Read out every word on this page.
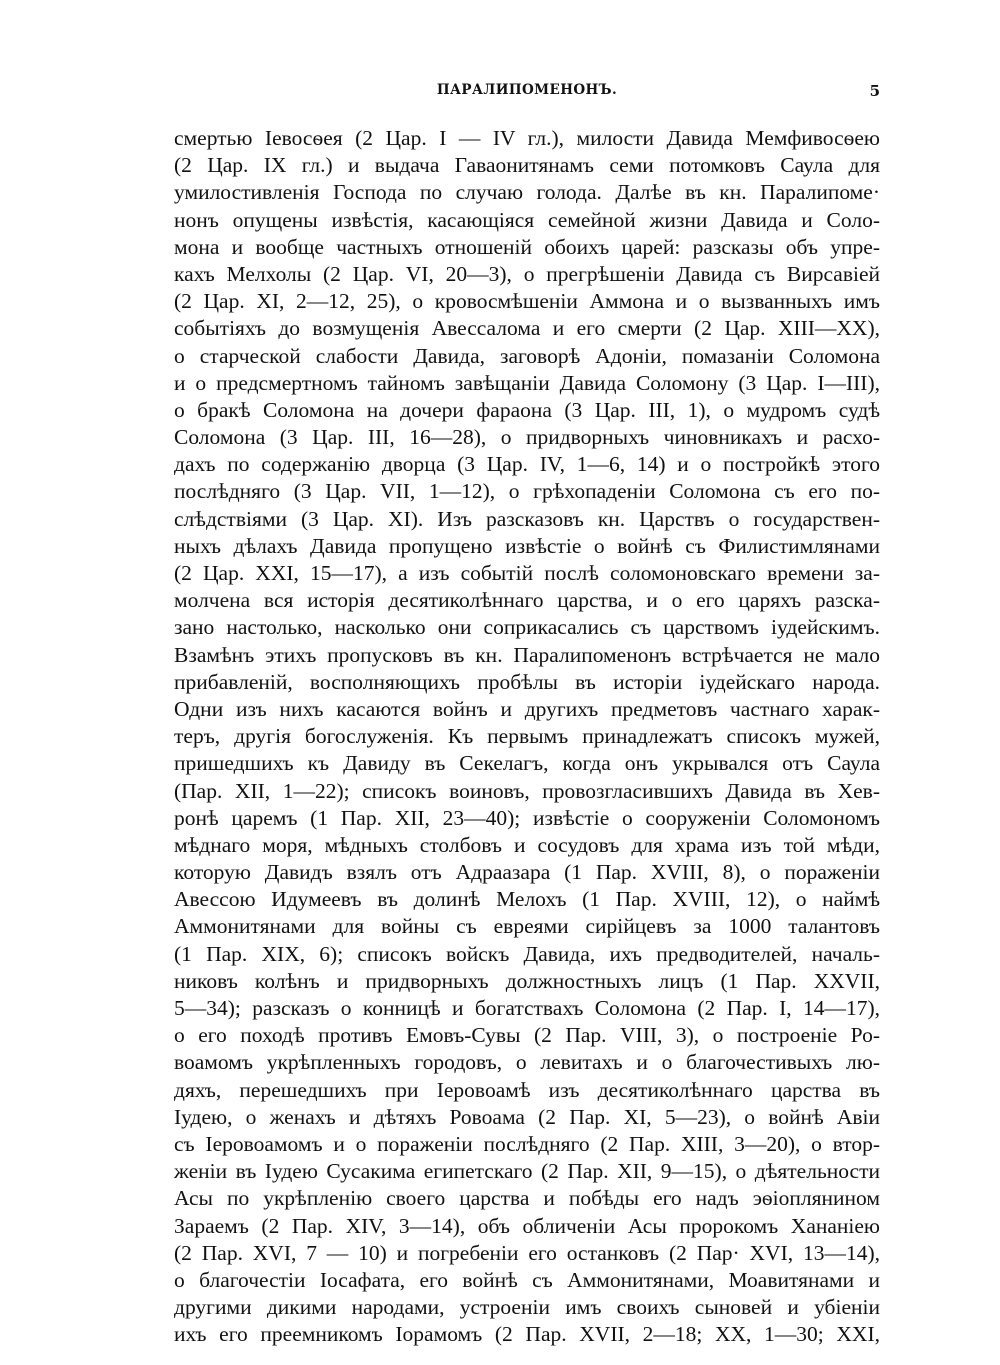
ПАРАЛИПОМЕНОНЪ.	5
смертью Іевосѳея (2 Цар. I — IV гл.), милости Давида Мемфивосѳею
(2 Цар. IX гл.) и выдача Гаваонитянамъ семи потомковъ Саула для
умилостивленія Господа по случаю голода. Далѣе въ кн. Паралипоме·
нонъ опущены извѣстія, касающіяся семейной жизни Давида и Соло-
мона и вообще частныхъ отношеній обоихъ царей: разсказы объ упре-
кахъ Мелхолы (2 Цар. VI, 20—3), о прегрѣшеніи Давида съ Вирсавіей
(2 Цар. XI, 2—12, 25), о кровосмѣшеніи Аммона и о вызванныхъ имъ
событіяхъ до возмущенія Авессалома и его смерти (2 Цар. XIII—XX),
о старческой слабости Давида, заговорѣ Адоніи, помазаніи Соломона
и о предсмертномъ тайномъ завѣщаніи Давида Соломону (3 Цар. I—III),
о бракѣ Соломона на дочери фараона (3 Цар. III, 1), о мудромъ судѣ
Соломона (3 Цар. III, 16—28), о придворныхъ чиновникахъ и расхо-
дахъ по содержанію дворца (3 Цар. IV, 1—6, 14) и о постройкѣ этого
послѣдняго (3 Цар. VII, 1—12), о грѣхопаденіи Соломона съ его по-
слѣдствіями (3 Цар. XI). Изъ разсказовъ кн. Царствъ о государствен-
ныхъ дѣлахъ Давида пропущено извѣстіе о войнѣ съ Филистимлянами
(2 Цар. XXI, 15—17), а изъ событій послѣ соломоновскаго времени за-
молчена вся исторія десятиколѣннаго царства, и о его царяхъ разска-
зано настолько, насколько они соприкасались съ царствомъ іудейскимъ.
Взамѣнъ этихъ пропусковъ въ кн. Паралипоменонъ встрѣчается не мало
прибавленій, восполняющихъ пробѣлы въ исторіи іудейскаго народа.
Одни изъ нихъ касаются войнъ и другихъ предметовъ частнаго харак-
теръ, другія богослуженія. Къ первымъ принадлежатъ списокъ мужей,
пришедшихъ къ Давиду въ Секелагъ, когда онъ укрывался отъ Саула
(Пар. XII, 1—22); списокъ воиновъ, провозгласившихъ Давида въ Хев-
ронѣ царемъ (1 Пар. XII, 23—40); извѣстіе о сооруженіи Соломономъ
мѣднаго моря, мѣдныхъ столбовъ и сосудовъ для храма изъ той мѣди,
которую Давидъ взялъ отъ Адраазара (1 Пар. XVIII, 8), о пораженіи
Авессою Идумеевъ въ долинѣ Мелохъ (1 Пар. XVIII, 12), о наймѣ
Аммонитянами для войны съ евреями сирійцевъ за 1000 талантовъ
(1 Пар. XIX, 6); списокъ войскъ Давида, ихъ предводителей, началь-
никовъ колѣнъ и придворныхъ должностныхъ лицъ (1 Пар. XXVII,
5—34); разсказъ о конницѣ и богатствахъ Соломона (2 Пар. I, 14—17),
о его походѣ противъ Емовъ-Сувы (2 Пар. VIII, 3), о построеніе Ро-
воамомъ укрѣпленныхъ городовъ, о левитахъ и о благочестивыхъ лю-
дяхъ, перешедшихъ при Іеровоамѣ изъ десятиколѣннаго царства въ
Іудею, о женахъ и дѣтяхъ Ровоама (2 Пар. XI, 5—23), о войнѣ Авіи
съ Іеровоамомъ и о пораженіи послѣдняго (2 Пар. XIII, 3—20), о втор-
женіи въ Іудею Сусакима египетскаго (2 Пар. XII, 9—15), о дѣятельности
Асы по укрѣпленію своего царства и побѣды его надъ эѳіоплянином
Зараемъ (2 Пар. XIV, 3—14), объ обличеніи Асы пророкомъ Хананіею
(2 Пар. XVI, 7 — 10) и погребеніи его останковъ (2 Пар· XVI, 13—14),
о благочестіи Іосафата, его войнѣ съ Аммонитянами, Моавитянами и
другими дикими народами, устроеніи имъ своихъ сыновей и убіеніи
ихъ его преемникомъ Іорамомъ (2 Пар. XVII, 2—18; XX, 1—30; XXI,
